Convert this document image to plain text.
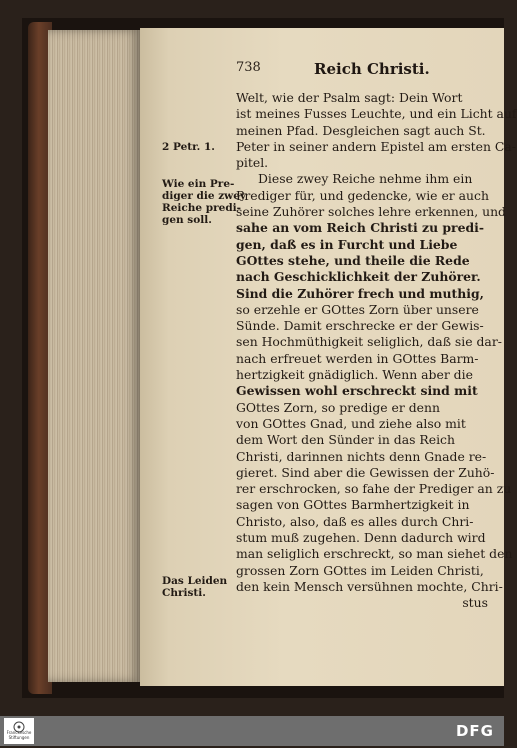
738	Reich Christi.
Welt, wie der Psalm sagt: Dein Wort
ist meines Fusses Leuchte, und ein Licht auf
meinen Pfad. Desgleichen sagt auch St.
Peter in seiner andern Epistel am ersten Ca-
pitel.
Diese zwey Reiche nehme ihm ein
Prediger für, und gedencke, wie er auch
seine Zuhörer solches lehre erkennen, und
sahe an vom Reich Christi zu predi-
gen, daß es in Furcht und Liebe
GOttes stehe, und theile die Rede
nach Geschicklichkeit der Zuhörer.
Sind die Zuhörer frech und muthig,
so erzehle er GOttes Zorn über unsere
Sünde. Damit erschrecke er der Gewis-
sen Hochmüthigkeit seliglich, daß sie dar-
nach erfreuet werden in GOttes Barm-
hertzigkeit gnädiglich. Wenn aber die
Gewissen wohl erschreckt sind mit
GOttes Zorn, so predige er denn
von GOttes Gnad, und ziehe also mit
dem Wort den Sünder in das Reich
Christi, darinnen nichts denn Gnade re-
gieret. Sind aber die Gewissen der Zuhö-
rer erschrocken, so fahe der Prediger an zu
sagen von GOttes Barmhertzigkeit in
Christo, also, daß es alles durch Chri-
stum muß zugehen. Denn dadurch wird
man seliglich erschreckt, so man siehet den
grossen Zorn GOttes im Leiden Christi,
den kein Mensch versühnen mochte, Chri-
stus
2 Petr. 1.
Wie ein Pre-
diger die zwey
Reiche predi-
gen soll.
Das Leiden
Christi.
Franckesche Stiftungen	DFG
